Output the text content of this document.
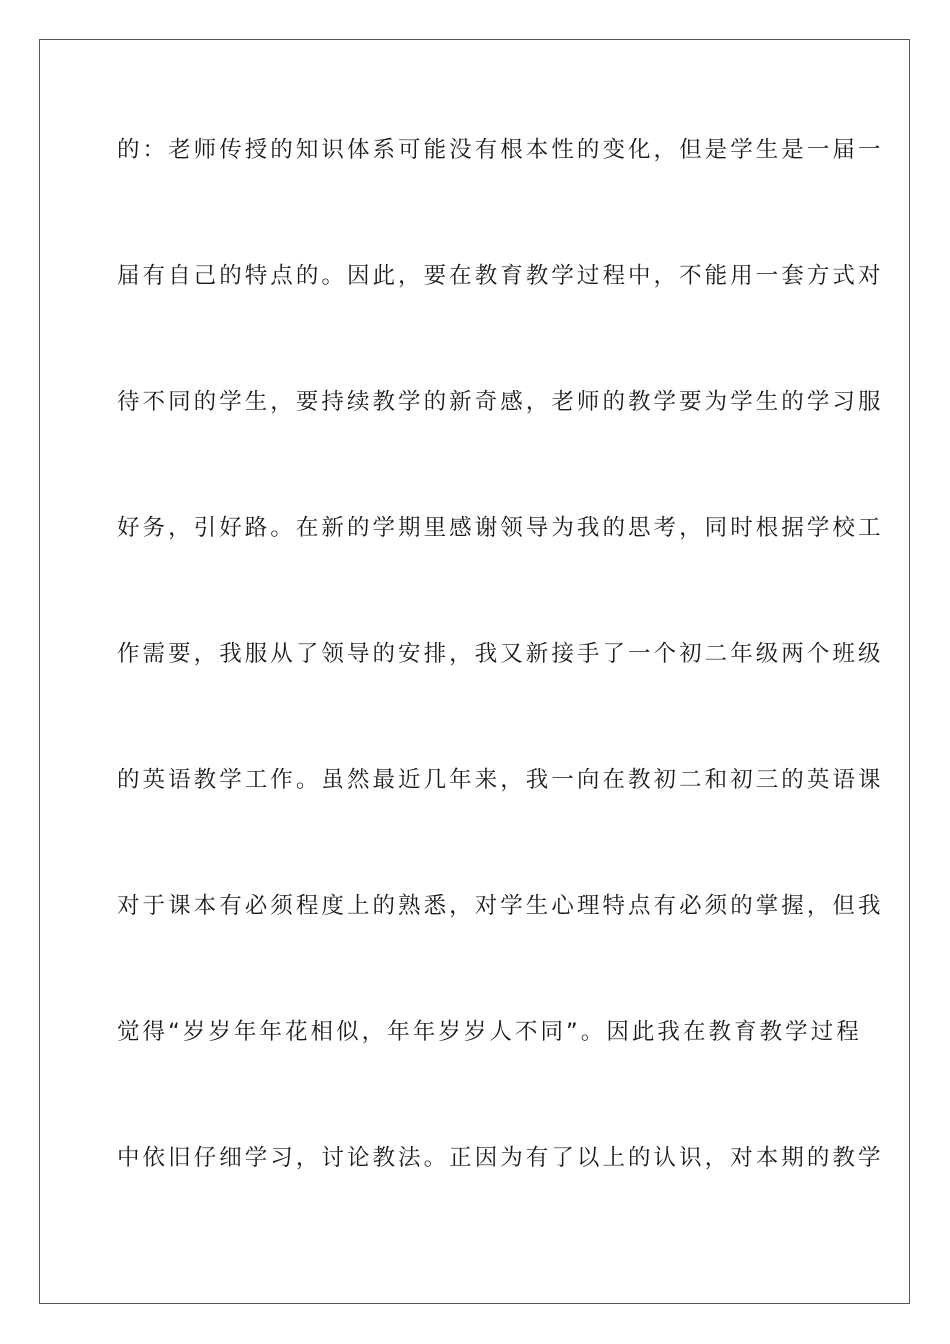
的：老师传授的知识体系可能没有根本性的变化，但是学生是一届一
届有自己的特点的。因此，要在教育教学过程中，不能用一套方式对
待不同的学生，要持续教学的新奇感，老师的教学要为学生的学习服
好务，引好路。在新的学期里感谢领导为我的思考，同时根据学校工
作需要，我服从了领导的安排，我又新接手了一个初二年级两个班级
的英语教学工作。虽然最近几年来，我一向在教初二和初三的英语课
对于课本有必须程度上的熟悉，对学生心理特点有必须的掌握，但我
觉得“岁岁年年花相似，年年岁岁人不同”。因此我在教育教学过程
中依旧仔细学习，讨论教法。正因为有了以上的认识，对本期的教学
